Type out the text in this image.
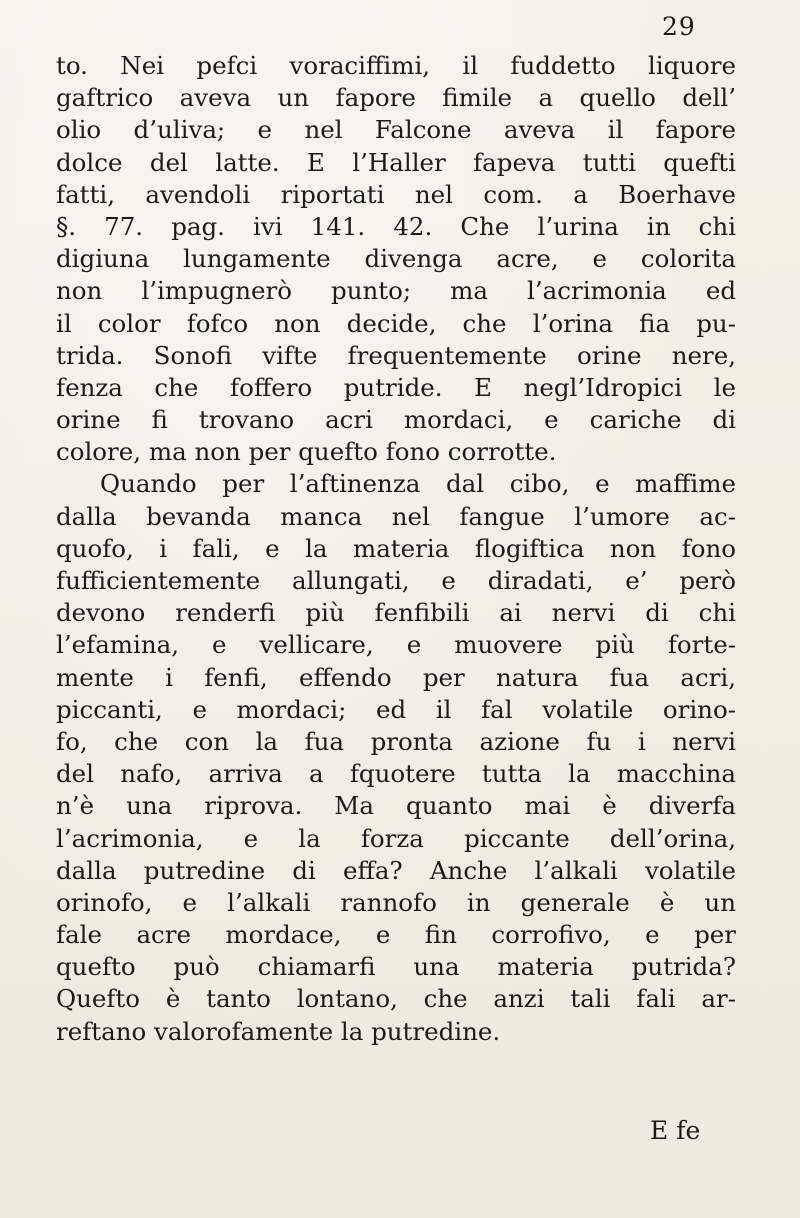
29
to. Nei pefci voraciffimi, il fuddetto liquore
gaftrico aveva un fapore fimile a quello dell’
olio d’uliva; e nel Falcone aveva il fapore
dolce del latte. E l’Haller fapeva tutti quefti
fatti, avendoli riportati nel com. a Boerhave
§. 77. pag. ivi 141. 42. Che l’urina in chi
digiuna lungamente divenga acre, e colorita
non l’impugnerò punto; ma l’acrimonia ed
il color fofco non decide, che l’orina fia pu-
trida. Sonofi vifte frequentemente orine nere,
fenza che foffero putride. E negl’Idropici le
orine fi trovano acri mordaci, e cariche di
colore, ma non per quefto fono corrotte.
Quando per l’aftinenza dal cibo, e maffime
dalla bevanda manca nel fangue l’umore ac-
quofo, i fali, e la materia flogiftica non fono
fufficientemente allungati, e diradati, e’ però
devono renderfi più fenfibili ai nervi di chi
l’efamina, e vellicare, e muovere più forte-
mente i fenfi, effendo per natura fua acri,
piccanti, e mordaci; ed il fal volatile orino-
fo, che con la fua pronta azione fu i nervi
del nafo, arriva a fquotere tutta la macchina
n’è una riprova. Ma quanto mai è diverfa
l’acrimonia, e la forza piccante dell’orina,
dalla putredine di effa? Anche l’alkali volatile
orinofo, e l’alkali rannofo in generale è un
fale acre mordace, e fin corrofivo, e per
quefto può chiamarfi una materia putrida?
Quefto è tanto lontano, che anzi tali fali ar-
reftano valorofamente la putredine.
E fe
